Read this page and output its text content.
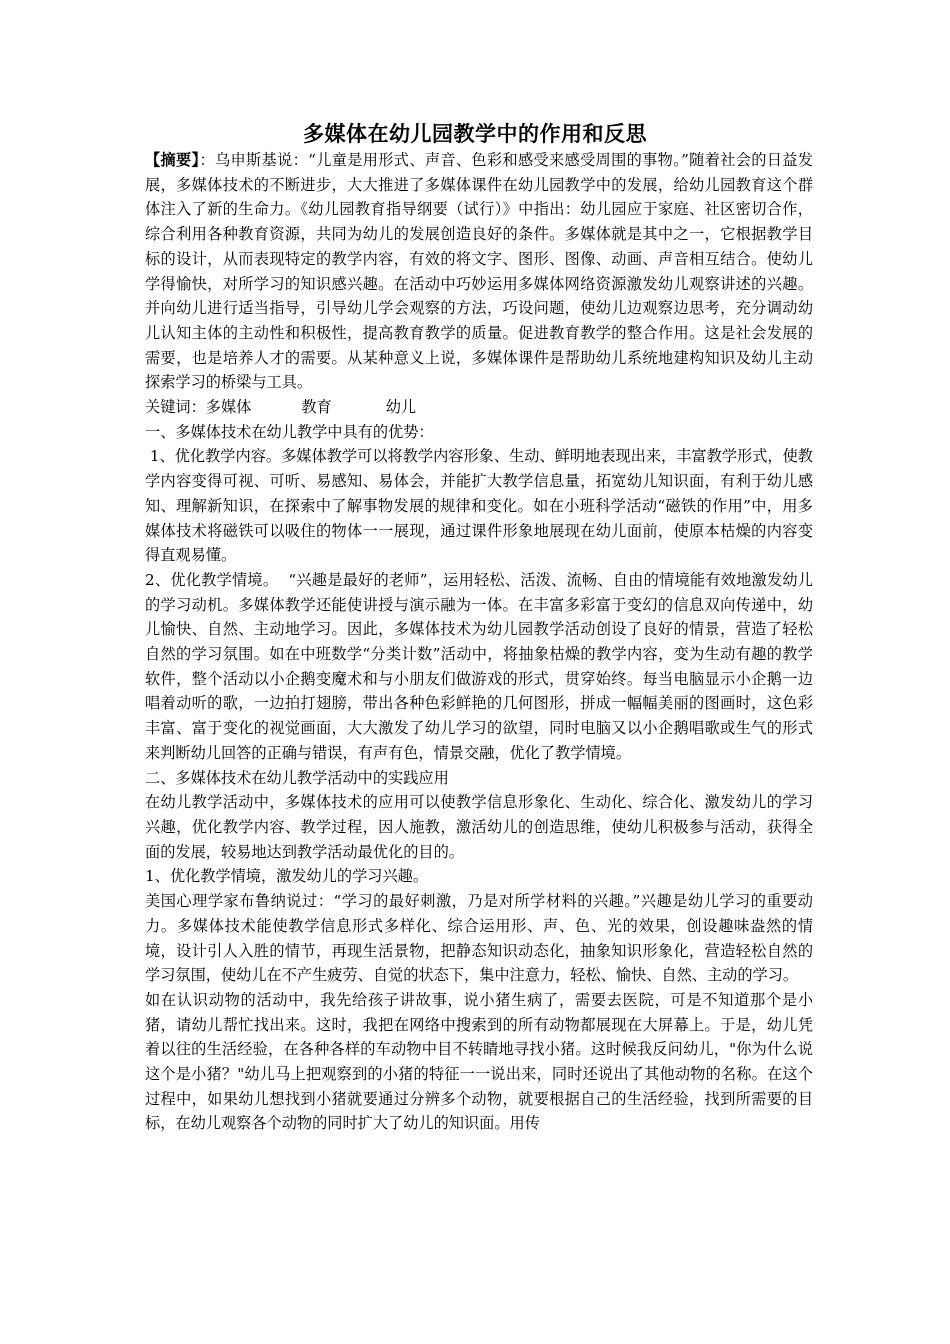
多媒体在幼儿园教学中的作用和反思

【摘要】：乌申斯基说：“儿童是用形式、声音、色彩和感受来感受周围的事物。”随着社会的日益发展，多媒体技术的不断进步，大大推进了多媒体课件在幼儿园教学中的发展，给幼儿园教育这个群体注入了新的生命力。《幼儿园教育指导纲要（试行）》中指出：幼儿园应于家庭、社区密切合作，综合利用各种教育资源，共同为幼儿的发展创造良好的条件。多媒体就是其中之一，它根据教学目标的设计，从而表现特定的教学内容，有效的将文字、图形、图像、动画、声音相互结合。使幼儿学得愉快，对所学习的知识感兴趣。在活动中巧妙运用多媒体网络资源激发幼儿观察讲述的兴趣。并向幼儿进行适当指导，引导幼儿学会观察的方法，巧设问题，使幼儿边观察边思考，充分调动幼儿认知主体的主动性和积极性，提高教育教学的质量。促进教育教学的整合作用。这是社会发展的需要，也是培养人才的需要。从某种意义上说，多媒体课件是帮助幼儿系统地建构知识及幼儿主动探索学习的桥梁与工具。

关键词：多媒体	教育	幼儿

一、多媒体技术在幼儿教学中具有的优势：

1、优化教学内容。多媒体教学可以将教学内容形象、生动、鲜明地表现出来，丰富教学形式，使教学内容变得可视、可听、易感知、易体会，并能扩大教学信息量，拓宽幼儿知识面，有利于幼儿感知、理解新知识，在探索中了解事物发展的规律和变化。如在小班科学活动“磁铁的作用”中，用多媒体技术将磁铁可以吸住的物体一一展现，通过课件形象地展现在幼儿面前，使原本枯燥的内容变得直观易懂。

2、优化教学情境。  “兴趣是最好的老师”，运用轻松、活泼、流畅、自由的情境能有效地激发幼儿的学习动机。多媒体教学还能使讲授与演示融为一体。在丰富多彩富于变幻的信息双向传递中，幼儿愉快、自然、主动地学习。因此，多媒体技术为幼儿园教学活动创设了良好的情景，营造了轻松自然的学习氛围。如在中班数学“分类计数”活动中，将抽象枯燥的教学内容，变为生动有趣的教学软件，整个活动以小企鹅变魔术和与小朋友们做游戏的形式，贯穿始终。每当电脑显示小企鹅一边唱着动听的歌，一边拍打翅膀，带出各种色彩鲜艳的几何图形，拼成一幅幅美丽的图画时，这色彩丰富、富于变化的视觉画面，大大激发了幼儿学习的欲望，同时电脑又以小企鹅唱歌或生气的形式来判断幼儿回答的正确与错误，有声有色，情景交融，优化了教学情境。

二、多媒体技术在幼儿教学活动中的实践应用

在幼儿教学活动中，多媒体技术的应用可以使教学信息形象化、生动化、综合化、激发幼儿的学习兴趣，优化教学内容、教学过程，因人施教，激活幼儿的创造思维，使幼儿积极参与活动，获得全面的发展，较易地达到教学活动最优化的目的。

1、优化教学情境，激发幼儿的学习兴趣。

美国心理学家布鲁纳说过：“学习的最好刺激，乃是对所学材料的兴趣。”兴趣是幼儿学习的重要动力。多媒体技术能使教学信息形式多样化、综合运用形、声、色、光的效果，创设趣味盎然的情境，设计引人入胜的情节，再现生活景物，把静态知识动态化，抽象知识形象化，营造轻松自然的学习氛围，使幼儿在不产生疲劳、自觉的状态下，集中注意力，轻松、愉快、自然、主动的学习。

如在认识动物的活动中，我先给孩子讲故事，说小猪生病了，需要去医院，可是不知道那个是小猪，请幼儿帮忙找出来。这时，我把在网络中搜索到的所有动物都展现在大屏幕上。于是，幼儿凭着以往的生活经验，在各种各样的车动物中目不转睛地寻找小猪。这时候我反问幼儿，"你为什么说这个是小猪？"幼儿马上把观察到的小猪的特征一一说出来，同时还说出了其他动物的名称。在这个过程中，如果幼儿想找到小猪就要通过分辨多个动物，就要根据自己的生活经验，找到所需要的目标，在幼儿观察各个动物的同时扩大了幼儿的知识面。用传
